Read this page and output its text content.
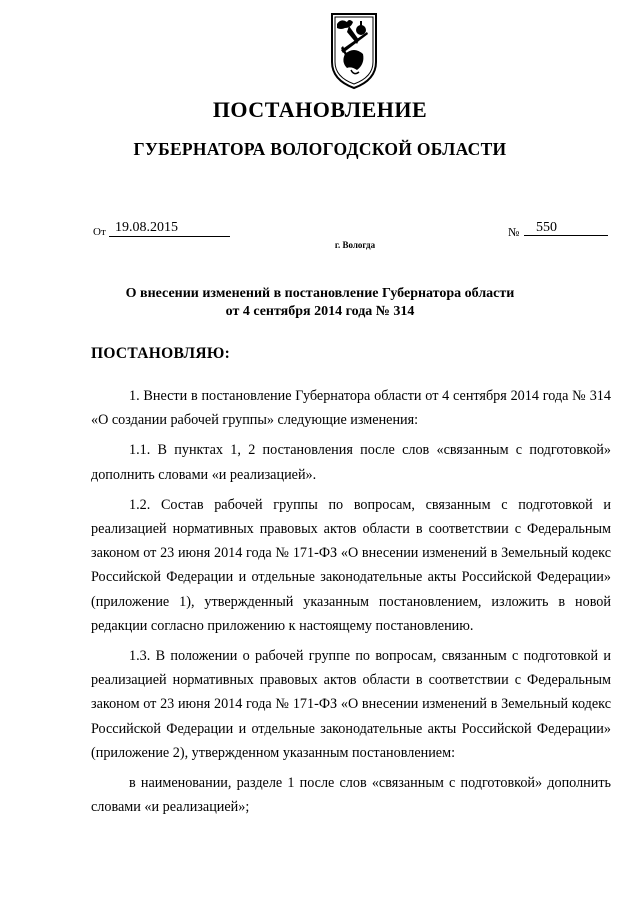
ПОСТАНОВЛЕНИЕ
ГУБЕРНАТОРА ВОЛОГОДСКОЙ ОБЛАСТИ
От 19.08.2015	№	550
г. Вологда
О внесении изменений в постановление Губернатора области
от 4 сентября 2014 года № 314
ПОСТАНОВЛЯЮ:

1. Внести в постановление Губернатора области от 4 сентября 2014 года № 314 «О создании рабочей группы» следующие изменения:

1.1. В пунктах 1, 2 постановления после слов «связанным с подготовкой» дополнить словами «и реализацией».

1.2. Состав рабочей группы по вопросам, связанным с подготовкой и реализацией нормативных правовых актов области в соответствии с Федеральным законом от 23 июня 2014 года № 171-ФЗ «О внесении изменений в Земельный кодекс Российской Федерации и отдельные законодательные акты Российской Федерации» (приложение 1), утвержденный указанным постановлением, изложить в новой редакции согласно приложению к настоящему постановлению.

1.3. В положении о рабочей группе по вопросам, связанным с подготовкой и реализацией нормативных правовых актов области в соответствии с Федеральным законом от 23 июня 2014 года № 171-ФЗ «О внесении изменений в Земельный кодекс Российской Федерации и отдельные законодательные акты Российской Федерации» (приложение 2), утвержденном указанным постановлением:

в наименовании, разделе 1 после слов «связанным с подготовкой» дополнить словами «и реализацией»;
